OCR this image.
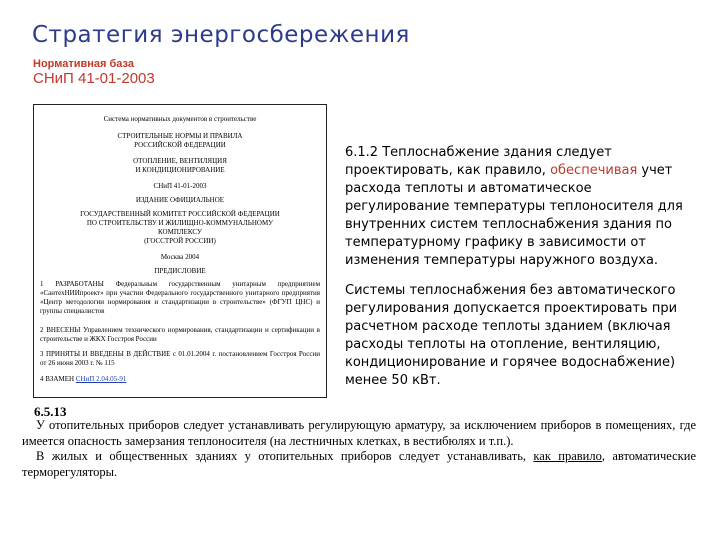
Стратегия энергосбережения
Нормативная база
СНиП 41-01-2003
Система нормативных документов в строительстве
СТРОИТЕЛЬНЫЕ НОРМЫ И ПРАВИЛА
РОССИЙСКОЙ ФЕДЕРАЦИИ
ОТОПЛЕНИЕ, ВЕНТИЛЯЦИЯ
И КОНДИЦИОНИРОВАНИЕ
СНиП 41-01-2003
ИЗДАНИЕ ОФИЦИАЛЬНОЕ
ГОСУДАРСТВЕННЫЙ КОМИТЕТ РОССИЙСКОЙ ФЕДЕРАЦИИ
ПО СТРОИТЕЛЬСТВУ И ЖИЛИЩНО-КОММУНАЛЬНОМУ
КОМПЛЕКСУ
(ГОССТРОЙ РОССИИ)
Москва 2004
ПРЕДИСЛОВИЕ
1 РАЗРАБОТАНЫ Федеральным государственным унитарным предприятием «СантехНИИпроект» при участии Федерального государственного унитарного предприятия «Центр методологии нормирования и стандартизации в строительстве» (ФГУП ЦНС) и группы специалистов
2 ВНЕСЕНЫ Управлением технического нормирования, стандартизации и сертификации в строительстве и ЖКХ Госстроя России
3 ПРИНЯТЫ И ВВЕДЕНЫ В ДЕЙСТВИЕ с 01.01.2004 г. постановлением Госстроя России от 26 июня 2003 г. № 115
4 ВЗАМЕН СНиП 2.04.05-91

6.1.2 Теплоснабжение здания следует проектировать, как правило, обеспечивая учет расхода теплоты и автоматическое регулирование температуры теплоносителя для внутренних систем теплоснабжения здания по температурному графику в зависимости от изменения температуры наружного воздуха.

Системы теплоснабжения без автоматического регулирования допускается проектировать при расчетном расходе теплоты зданием (включая расходы теплоты на отопление, вентиляцию, кондиционирование и горячее водоснабжение) менее 50 кВт.

6.5.13

У отопительных приборов следует устанавливать регулирующую арматуру, за исключением приборов в помещениях, где имеется опасность замерзания теплоносителя (на лестничных клетках, в вестибюлях и т.п.).

В жилых и общественных зданиях у отопительных приборов следует устанавливать, как правило, автоматические терморегуляторы.
